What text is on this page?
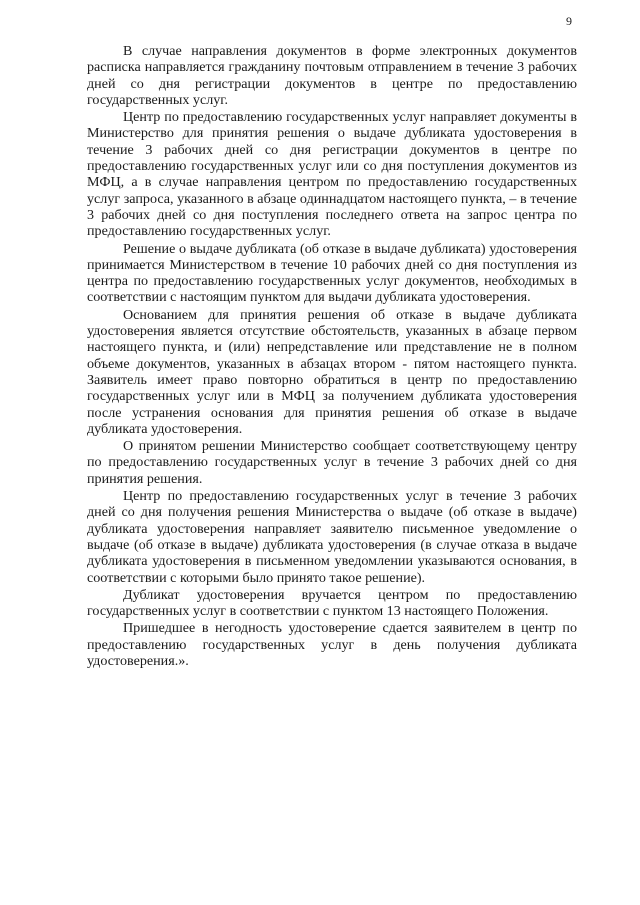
9

В случае направления документов в форме электронных документов расписка направляется гражданину почтовым отправлением в течение 3 рабочих дней со дня регистрации документов в центре по предоставлению государственных услуг.

Центр по предоставлению государственных услуг направляет документы в Министерство для принятия решения о выдаче дубликата удостоверения в течение 3 рабочих дней со дня регистрации документов в центре по предоставлению государственных услуг или со дня поступления документов из МФЦ, а в случае направления центром по предоставлению государственных услуг запроса, указанного в абзаце одиннадцатом настоящего пункта, – в течение 3 рабочих дней со дня поступления последнего ответа на запрос центра по предоставлению государственных услуг.

Решение о выдаче дубликата (об отказе в выдаче дубликата) удостоверения принимается Министерством в течение 10 рабочих дней со дня поступления из центра по предоставлению государственных услуг документов, необходимых в соответствии с настоящим пунктом для выдачи дубликата удостоверения.

Основанием для принятия решения об отказе в выдаче дубликата удостоверения является отсутствие обстоятельств, указанных в абзаце первом настоящего пункта, и (или) непредставление или представление не в полном объеме документов, указанных в абзацах втором - пятом настоящего пункта. Заявитель имеет право повторно обратиться в центр по предоставлению государственных услуг или в МФЦ за получением дубликата удостоверения после устранения основания для принятия решения об отказе в выдаче дубликата удостоверения.

О принятом решении Министерство сообщает соответствующему центру по предоставлению государственных услуг в течение 3 рабочих дней со дня принятия решения.

Центр по предоставлению государственных услуг в течение 3 рабочих дней со дня получения решения Министерства о выдаче (об отказе в выдаче) дубликата удостоверения направляет заявителю письменное уведомление о выдаче (об отказе в выдаче) дубликата удостоверения (в случае отказа в выдаче дубликата удостоверения в письменном уведомлении указываются основания, в соответствии с которыми было принято такое решение).

Дубликат удостоверения вручается центром по предоставлению государственных услуг в соответствии с пунктом 13 настоящего Положения.

Пришедшее в негодность удостоверение сдается заявителем в центр по предоставлению государственных услуг в день получения дубликата удостоверения.».
